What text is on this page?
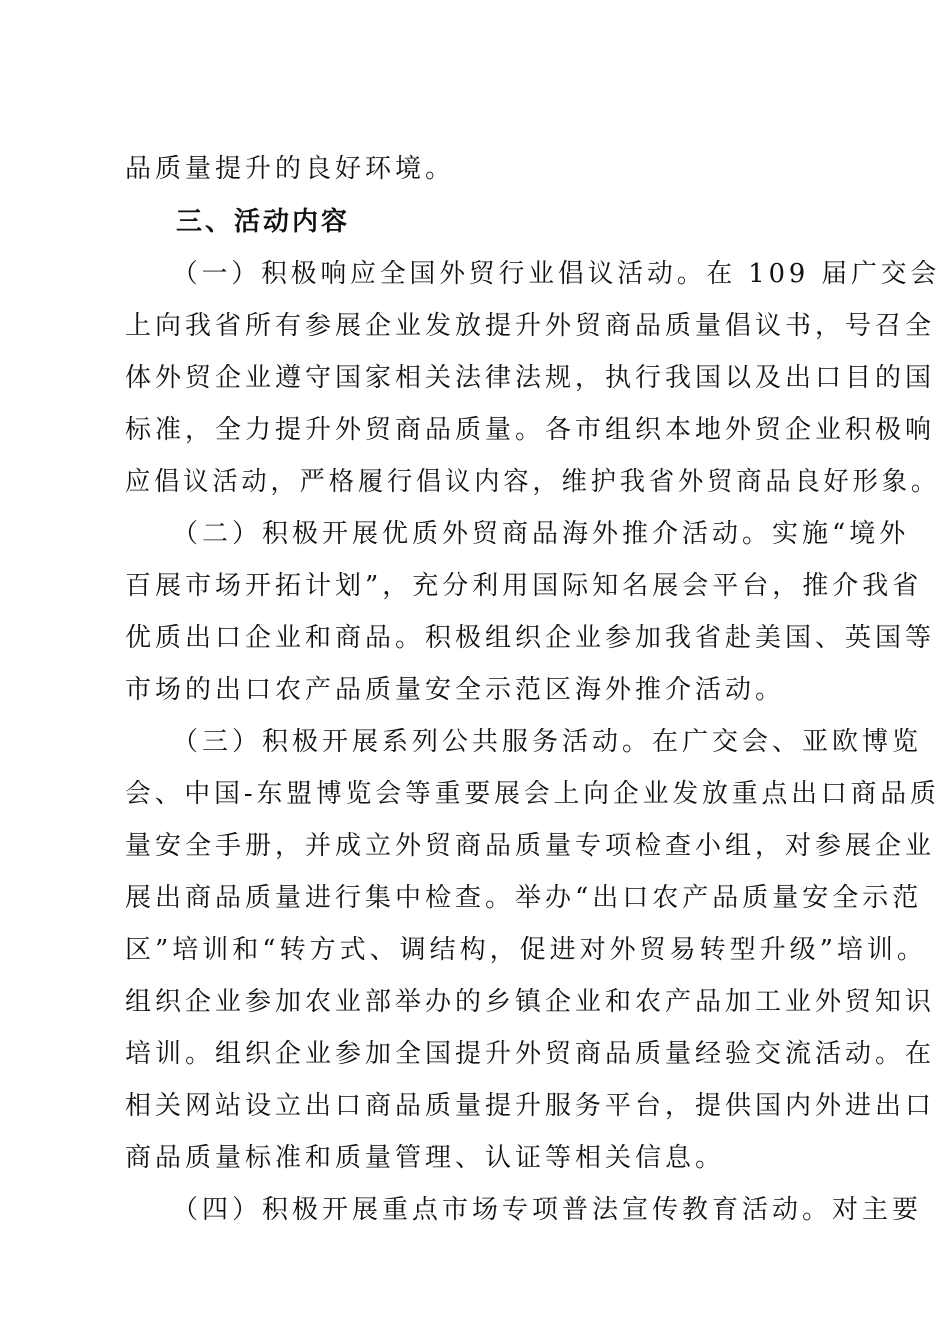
品质量提升的良好环境。
三、活动内容
（一）积极响应全国外贸行业倡议活动。在 109 届广交会
上向我省所有参展企业发放提升外贸商品质量倡议书，号召全
体外贸企业遵守国家相关法律法规，执行我国以及出口目的国
标准，全力提升外贸商品质量。各市组织本地外贸企业积极响
应倡议活动，严格履行倡议内容，维护我省外贸商品良好形象。
（二）积极开展优质外贸商品海外推介活动。实施“境外
百展市场开拓计划”，充分利用国际知名展会平台，推介我省
优质出口企业和商品。积极组织企业参加我省赴美国、英国等
市场的出口农产品质量安全示范区海外推介活动。
（三）积极开展系列公共服务活动。在广交会、亚欧博览
会、中国-东盟博览会等重要展会上向企业发放重点出口商品质
量安全手册，并成立外贸商品质量专项检查小组，对参展企业
展出商品质量进行集中检查。举办“出口农产品质量安全示范
区”培训和“转方式、调结构，促进对外贸易转型升级”培训。
组织企业参加农业部举办的乡镇企业和农产品加工业外贸知识
培训。组织企业参加全国提升外贸商品质量经验交流活动。在
相关网站设立出口商品质量提升服务平台，提供国内外进出口
商品质量标准和质量管理、认证等相关信息。
（四）积极开展重点市场专项普法宣传教育活动。对主要
